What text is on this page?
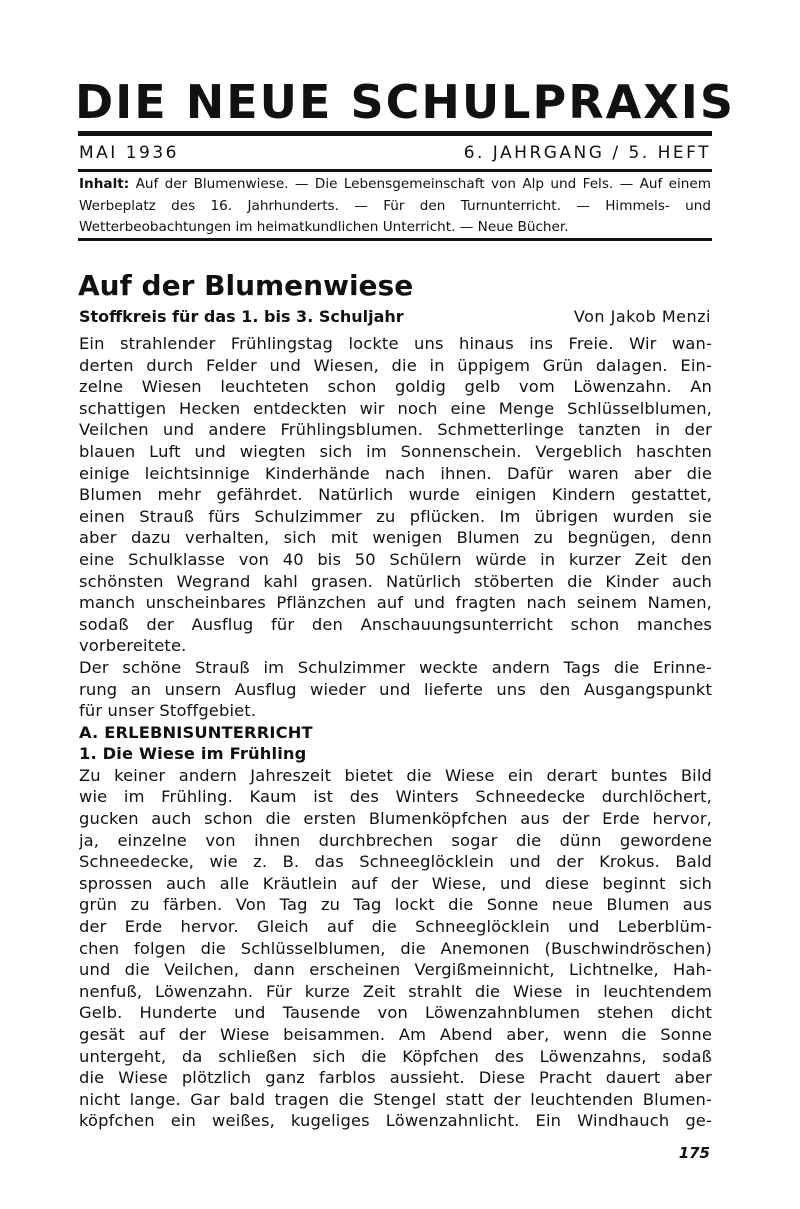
DIE NEUE SCHULPRAXIS
MAI 1936	6. JAHRGANG / 5. HEFT
Inhalt: Auf der Blumenwiese. — Die Lebensgemeinschaft von Alp und Fels. — Auf einem Werbeplatz des 16. Jahrhunderts. — Für den Turnunterricht. — Himmels- und Wetterbeobachtungen im heimatkundlichen Unterricht. — Neue Bücher.
Auf der Blumenwiese
Stoffkreis für das 1. bis 3. Schuljahr	Von Jakob Menzi
Ein strahlender Frühlingstag lockte uns hinaus ins Freie. Wir wan-
derten durch Felder und Wiesen, die in üppigem Grün dalagen. Ein-
zelne Wiesen leuchteten schon goldig gelb vom Löwenzahn. An
schattigen Hecken entdeckten wir noch eine Menge Schlüsselblumen,
Veilchen und andere Frühlingsblumen. Schmetterlinge tanzten in der
blauen Luft und wiegten sich im Sonnenschein. Vergeblich haschten
einige leichtsinnige Kinderhände nach ihnen. Dafür waren aber die
Blumen mehr gefährdet. Natürlich wurde einigen Kindern gestattet,
einen Strauß fürs Schulzimmer zu pflücken. Im übrigen wurden sie
aber dazu verhalten, sich mit wenigen Blumen zu begnügen, denn
eine Schulklasse von 40 bis 50 Schülern würde in kurzer Zeit den
schönsten Wegrand kahl grasen. Natürlich stöberten die Kinder auch
manch unscheinbares Pflänzchen auf und fragten nach seinem Namen,
sodaß der Ausflug für den Anschauungsunterricht schon manches
vorbereitete.
Der schöne Strauß im Schulzimmer weckte andern Tags die Erinne-
rung an unsern Ausflug wieder und lieferte uns den Ausgangspunkt
für unser Stoffgebiet.
A. ERLEBNISUNTERRICHT
1. Die Wiese im Frühling
Zu keiner andern Jahreszeit bietet die Wiese ein derart buntes Bild
wie im Frühling. Kaum ist des Winters Schneedecke durchlöchert,
gucken auch schon die ersten Blumenköpfchen aus der Erde hervor,
ja, einzelne von ihnen durchbrechen sogar die dünn gewordene
Schneedecke, wie z. B. das Schneeglöcklein und der Krokus. Bald
sprossen auch alle Kräutlein auf der Wiese, und diese beginnt sich
grün zu färben. Von Tag zu Tag lockt die Sonne neue Blumen aus
der Erde hervor. Gleich auf die Schneeglöcklein und Leberblüm-
chen folgen die Schlüsselblumen, die Anemonen (Buschwindröschen)
und die Veilchen, dann erscheinen Vergißmeinnicht, Lichtnelke, Hah-
nenfuß, Löwenzahn. Für kurze Zeit strahlt die Wiese in leuchtendem
Gelb. Hunderte und Tausende von Löwenzahnblumen stehen dicht
gesät auf der Wiese beisammen. Am Abend aber, wenn die Sonne
untergeht, da schließen sich die Köpfchen des Löwenzahns, sodaß
die Wiese plötzlich ganz farblos aussieht. Diese Pracht dauert aber
nicht lange. Gar bald tragen die Stengel statt der leuchtenden Blumen-
köpfchen ein weißes, kugeliges Löwenzahnlicht. Ein Windhauch ge-
175
